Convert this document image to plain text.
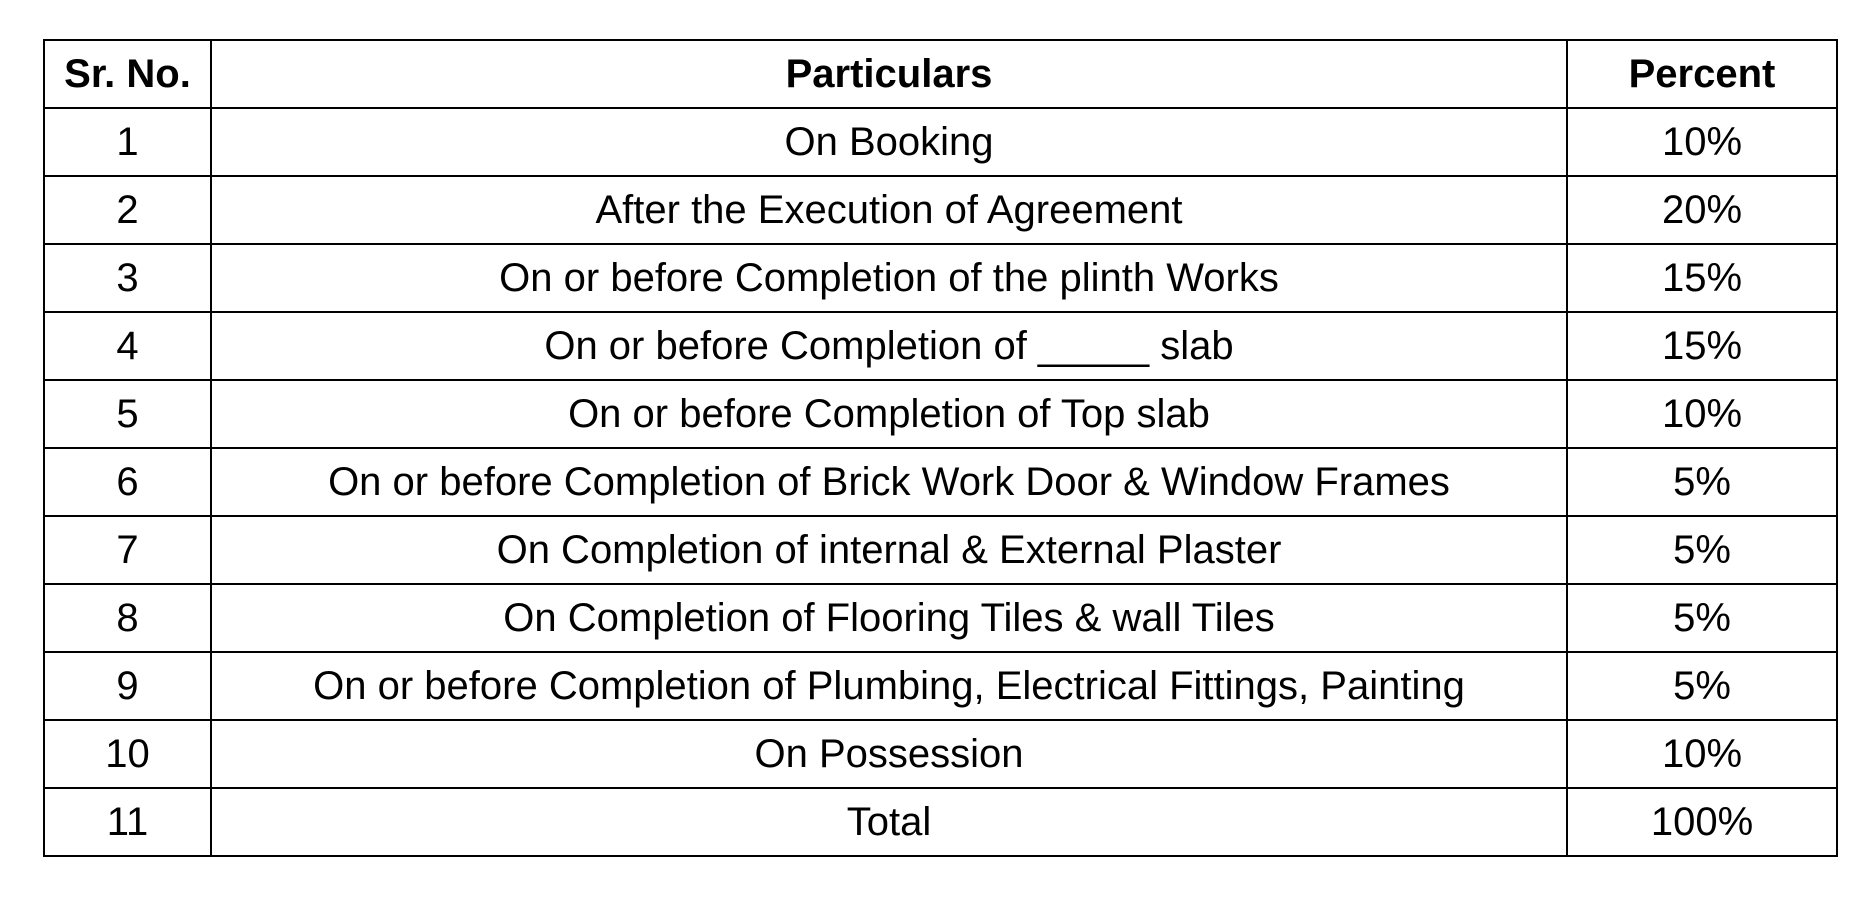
Sr. No.	Particulars	Percent
1	On Booking	10%
2	After the Execution of Agreement	20%
3	On or before Completion of the plinth Works	15%
4	On or before Completion of _____ slab	15%
5	On or before Completion of Top slab	10%
6	On or before Completion of Brick Work Door & Window Frames	5%
7	On Completion of internal & External Plaster	5%
8	On Completion of Flooring Tiles & wall Tiles	5%
9	On or before Completion of Plumbing, Electrical Fittings, Painting	5%
10	On Possession	10%
11	Total	100%
